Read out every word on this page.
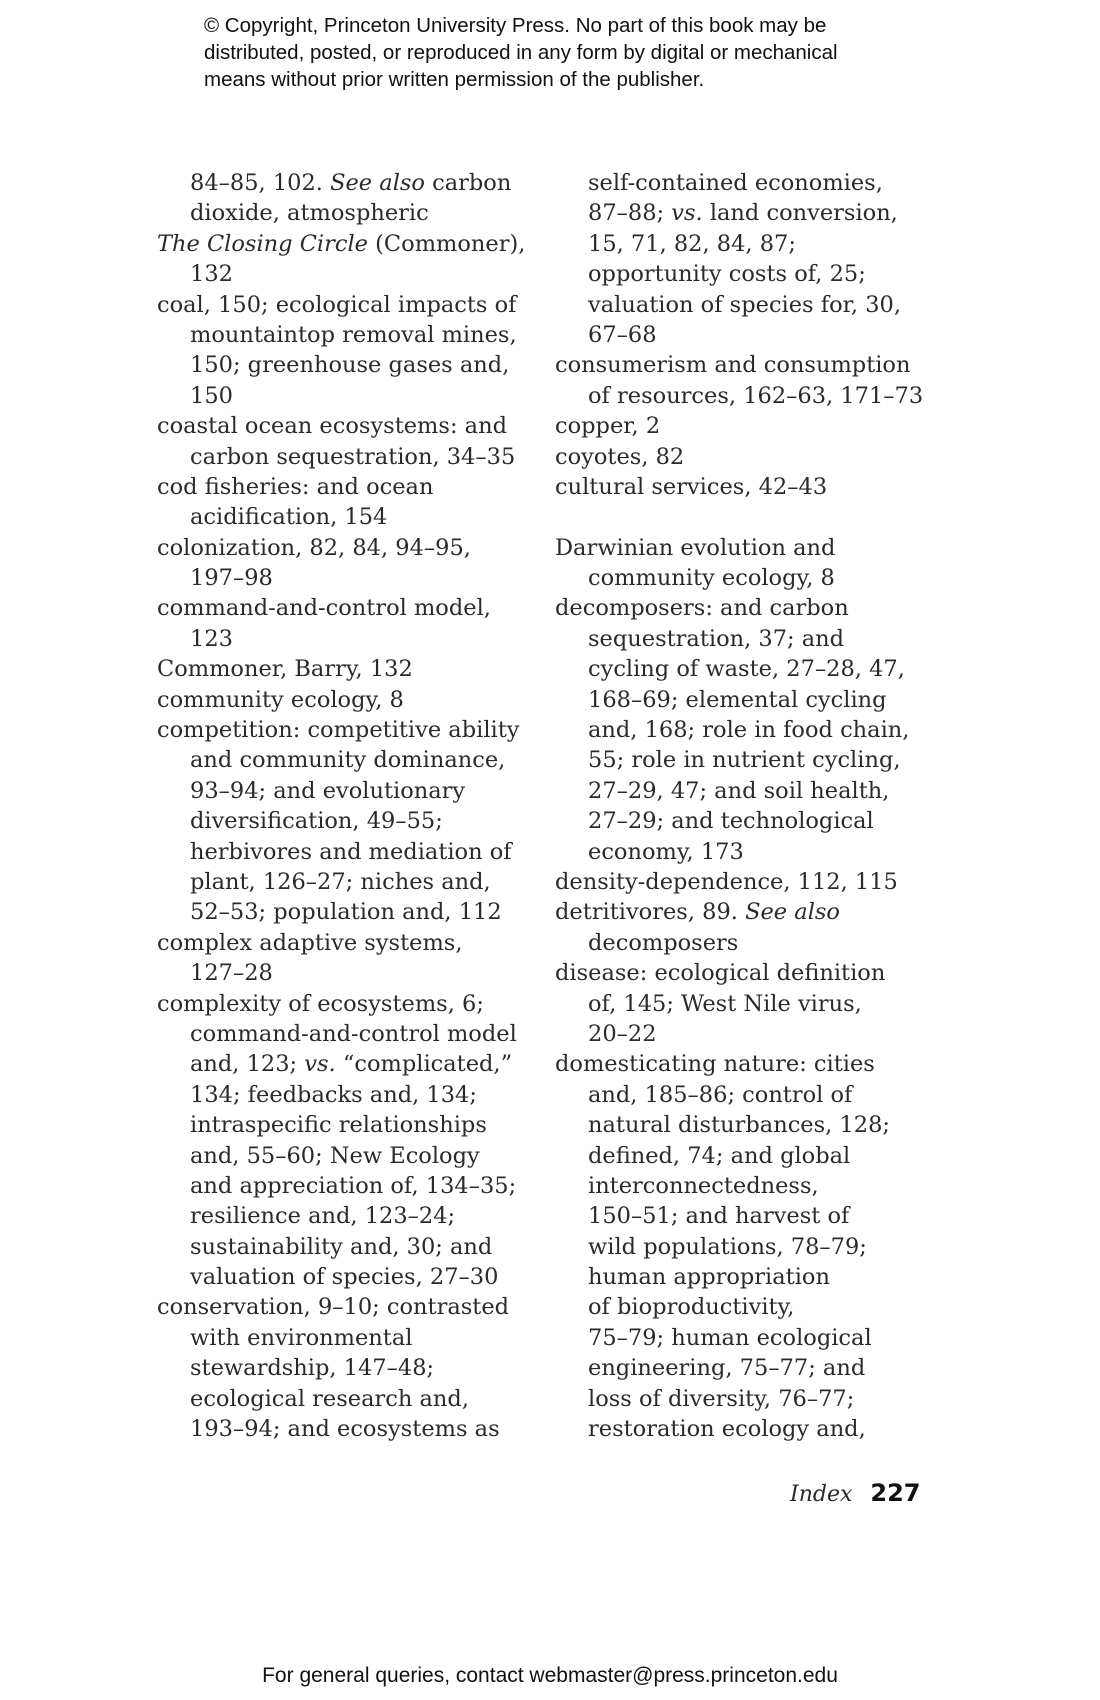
© Copyright, Princeton University Press. No part of this book may be
distributed, posted, or reproduced in any form by digital or mechanical
means without prior written permission of the publisher.
84–85, 102. See also carbon
dioxide, atmospheric
The Closing Circle (Commoner),
132
coal, 150; ecological impacts of
mountaintop removal mines,
150; greenhouse gases and,
150
coastal ocean ecosystems: and
carbon sequestration, 34–35
cod fisheries: and ocean
acidification, 154
colonization, 82, 84, 94–95,
197–98
command-and-control model,
123
Commoner, Barry, 132
community ecology, 8
competition: competitive ability
and community dominance,
93–94; and evolutionary
diversification, 49–55;
herbivores and mediation of
plant, 126–27; niches and,
52–53; population and, 112
complex adaptive systems,
127–28
complexity of ecosystems, 6;
command-and-control model
and, 123; vs. “complicated,”
134; feedbacks and, 134;
intraspecific relationships
and, 55–60; New Ecology
and appreciation of, 134–35;
resilience and, 123–24;
sustainability and, 30; and
valuation of species, 27–30
conservation, 9–10; contrasted
with environmental
stewardship, 147–48;
ecological research and,
193–94; and ecosystems as
self-contained economies,
87–88; vs. land conversion,
15, 71, 82, 84, 87;
opportunity costs of, 25;
valuation of species for, 30,
67–68
consumerism and consumption
of resources, 162–63, 171–73
copper, 2
coyotes, 82
cultural services, 42–43
Darwinian evolution and
community ecology, 8
decomposers: and carbon
sequestration, 37; and
cycling of waste, 27–28, 47,
168–69; elemental cycling
and, 168; role in food chain,
55; role in nutrient cycling,
27–29, 47; and soil health,
27–29; and technological
economy, 173
density-dependence, 112, 115
detritivores, 89. See also
decomposers
disease: ecological definition
of, 145; West Nile virus,
20–22
domesticating nature: cities
and, 185–86; control of
natural disturbances, 128;
defined, 74; and global
interconnectedness,
150–51; and harvest of
wild populations, 78–79;
human appropriation
of bioproductivity,
75–79; human ecological
engineering, 75–77; and
loss of diversity, 76–77;
restoration ecology and,
Index 227
For general queries, contact webmaster@press.princeton.edu
